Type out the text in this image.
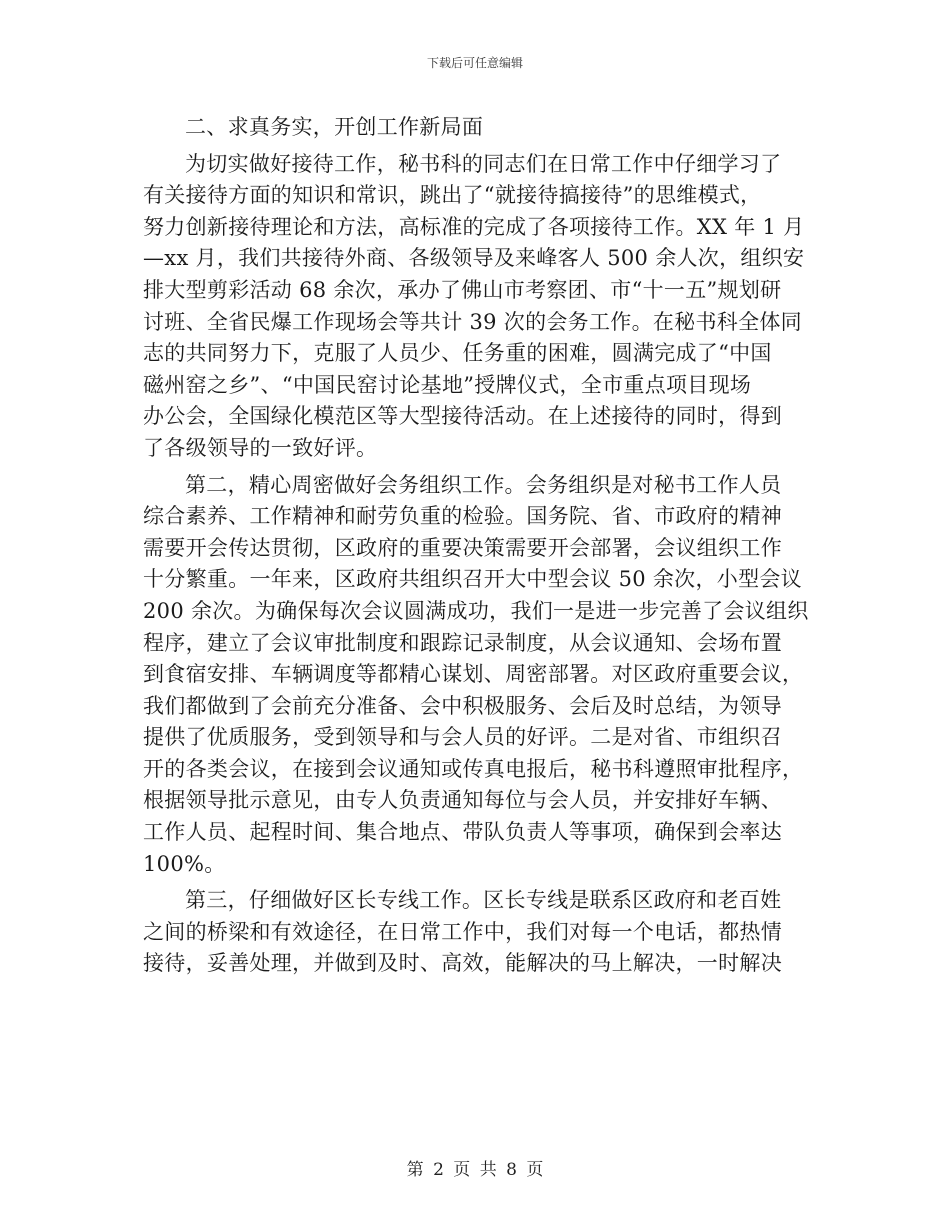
下载后可任意编辑
二、求真务实，开创工作新局面
为切实做好接待工作，秘书科的同志们在日常工作中仔细学习了
有关接待方面的知识和常识，跳出了“就接待搞接待”的思维模式，
努力创新接待理论和方法，高标准的完成了各项接待工作。XX 年 1 月
—xx 月，我们共接待外商、各级领导及来峰客人 500 余人次，组织安
排大型剪彩活动 68 余次，承办了佛山市考察团、市“十一五”规划研
讨班、全省民爆工作现场会等共计 39 次的会务工作。在秘书科全体同
志的共同努力下，克服了人员少、任务重的困难，圆满完成了“中国
磁州窑之乡”、“中国民窑讨论基地”授牌仪式，全市重点项目现场
办公会，全国绿化模范区等大型接待活动。在上述接待的同时，得到
了各级领导的一致好评。
第二，精心周密做好会务组织工作。会务组织是对秘书工作人员
综合素养、工作精神和耐劳负重的检验。国务院、省、市政府的精神
需要开会传达贯彻，区政府的重要决策需要开会部署，会议组织工作
十分繁重。一年来，区政府共组织召开大中型会议 50 余次，小型会议
200 余次。为确保每次会议圆满成功，我们一是进一步完善了会议组织
程序，建立了会议审批制度和跟踪记录制度，从会议通知、会场布置
到食宿安排、车辆调度等都精心谋划、周密部署。对区政府重要会议，
我们都做到了会前充分准备、会中积极服务、会后及时总结，为领导
提供了优质服务，受到领导和与会人员的好评。二是对省、市组织召
开的各类会议，在接到会议通知或传真电报后，秘书科遵照审批程序，
根据领导批示意见，由专人负责通知每位与会人员，并安排好车辆、
工作人员、起程时间、集合地点、带队负责人等事项，确保到会率达
100%。
第三，仔细做好区长专线工作。区长专线是联系区政府和老百姓
之间的桥梁和有效途径，在日常工作中，我们对每一个电话，都热情
接待，妥善处理，并做到及时、高效，能解决的马上解决，一时解决
第 2 页 共 8 页
